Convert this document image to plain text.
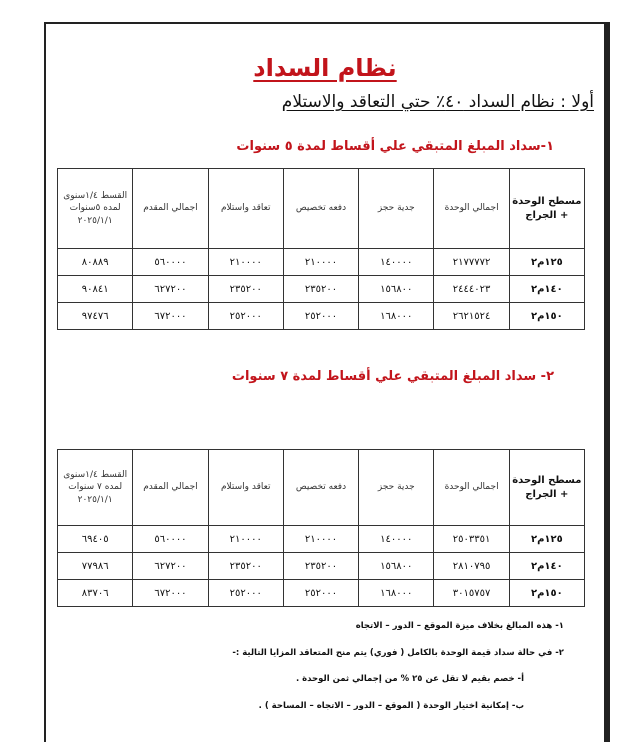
نظام السداد
أولا : نظام السداد ٤٠٪ حتي التعاقد والاستلام
١-سداد المبلغ المتبقي علي أقساط لمدة ٥ سنوات
مسطح الوحدة + الجراج	اجمالي الوحدة	جدية حجز	دفعه تخصيص	تعاقد واستلام	اجمالي المقدم	القسط ١/٤سنوى لمده ٥سنوات ٢٠٢٥/١/١
١٢٥م٢	٢١٧٧٧٧٢	١٤٠٠٠٠	٢١٠٠٠٠	٢١٠٠٠٠	٥٦٠٠٠٠	٨٠٨٨٩
١٤٠م٢	٢٤٤٤٠٢٣	١٥٦٨٠٠	٢٣٥٢٠٠	٢٣٥٢٠٠	٦٢٧٢٠٠	٩٠٨٤١
١٥٠م٢	٢٦٢١٥٢٤	١٦٨٠٠٠	٢٥٢٠٠٠	٢٥٢٠٠٠	٦٧٢٠٠٠	٩٧٤٧٦
٢- سداد المبلغ المتبقي علي أقساط لمدة ٧ سنوات
مسطح الوحدة + الجراج	اجمالي الوحدة	جدية حجز	دفعه تخصيص	تعاقد واستلام	اجمالي المقدم	القسط ١/٤سنوى لمده ٧ سنوات ٢٠٢٥/١/١
١٢٥م٢	٢٥٠٣٣٥١	١٤٠٠٠٠	٢١٠٠٠٠	٢١٠٠٠٠	٥٦٠٠٠٠	٦٩٤٠٥
١٤٠م٢	٢٨١٠٧٩٥	١٥٦٨٠٠	٢٣٥٢٠٠	٢٣٥٢٠٠	٦٢٧٢٠٠	٧٧٩٨٦
١٥٠م٢	٣٠١٥٧٥٧	١٦٨٠٠٠	٢٥٢٠٠٠	٢٥٢٠٠٠	٦٧٢٠٠٠	٨٣٧٠٦

١- هذه المبالغ بخلاف ميزة الموقع – الدور – الاتجاه

٢- في حالة سداد قيمة الوحدة بالكامل ( فوري) يتم منح المتعاقد المزايا التالية :-

أ- خصم بقيم لا تقل عن ٢٥ % من إجمالي ثمن الوحدة .

ب- إمكانية اختيار الوحدة ( الموقع – الدور – الاتجاه – المساحة ) .
